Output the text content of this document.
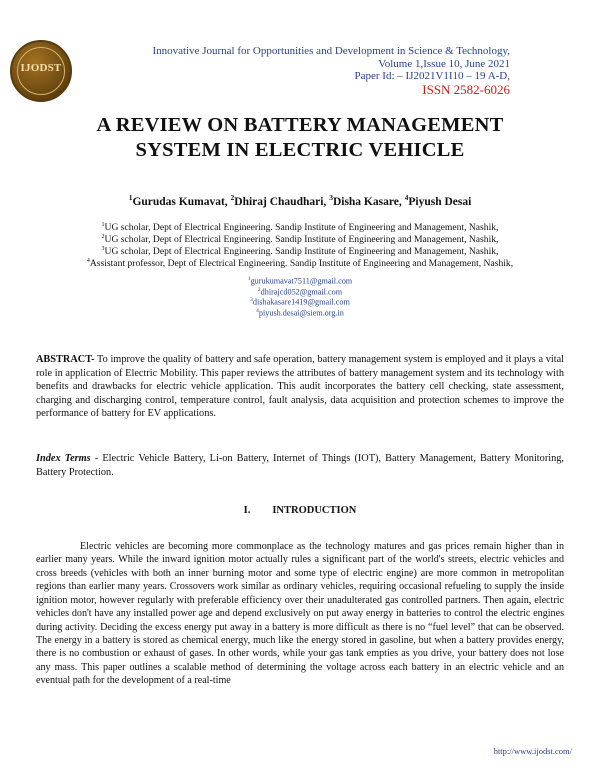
IJODST
Innovative Journal for Opportunities and Development in Science & Technology,
Volume 1,Issue 10, June 2021
Paper Id: – IJ2021V1I10 – 19 A-D,
ISSN 2582-6026
A REVIEW ON BATTERY MANAGEMENT
SYSTEM IN ELECTRIC VEHICLE
$^1$Gurudas Kumavat, $^2$Dhiraj Chaudhari, $^3$Disha Kasare, $^4$Piyush Desai
$^1$UG scholar, Dept of Electrical Engineering. Sandip Institute of Engineering and Management, Nashik,
$^2$UG scholar, Dept of Electrical Engineering. Sandip Institute of Engineering and Management, Nashik,
$^3$UG scholar, Dept of Electrical Engineering. Sandip Institute of Engineering and Management, Nashik,
$^4$Assistant professor, Dept of Electrical Engineering. Sandip Institute of Engineering and Management, Nashik,
$^1$gurukumavat7511@gmail.com
$^2$dhirajcd052@gmail.com
$^3$dishakasare1419@gmail.com
$^4$piyush.desai@siem.org.in
ABSTRACT- To improve the quality of battery and safe operation, battery management system is employed and it plays a vital role in application of Electric Mobility. This paper reviews the attributes of battery management system and its technology with benefits and drawbacks for electric vehicle application. This audit incorporates the battery cell checking, state assessment, charging and discharging control, temperature control, fault analysis, data acquisition and protection schemes to improve the performance of battery for EV applications.
Index Terms - Electric Vehicle Battery, Li-on Battery, Internet of Things (IOT), Battery Management, Battery Monitoring, Battery Protection.
I. INTRODUCTION
Electric vehicles are becoming more commonplace as the technology matures and gas prices remain higher than in earlier many years. While the inward ignition motor actually rules a significant part of the world's streets, electric vehicles and cross breeds (vehicles with both an inner burning motor and some type of electric engine) are more common in metropolitan regions than earlier many years. Crossovers work similar as ordinary vehicles, requiring occasional refueling to supply the inside ignition motor, however regularly with preferable efficiency over their unadulterated gas controlled partners. Then again, electric vehicles don't have any installed power age and depend exclusively on put away energy in batteries to control the electric engines during activity. Deciding the excess energy put away in a battery is more difficult as there is no “fuel level” that can be observed. The energy in a battery is stored as chemical energy, much like the energy stored in gasoline, but when a battery provides energy, there is no combustion or exhaust of gases. In other words, while your gas tank empties as you drive, your battery does not lose any mass. This paper outlines a scalable method of determining the voltage across each battery in an electric vehicle and an eventual path for the development of a real-time
http://www.ijodst.com/
